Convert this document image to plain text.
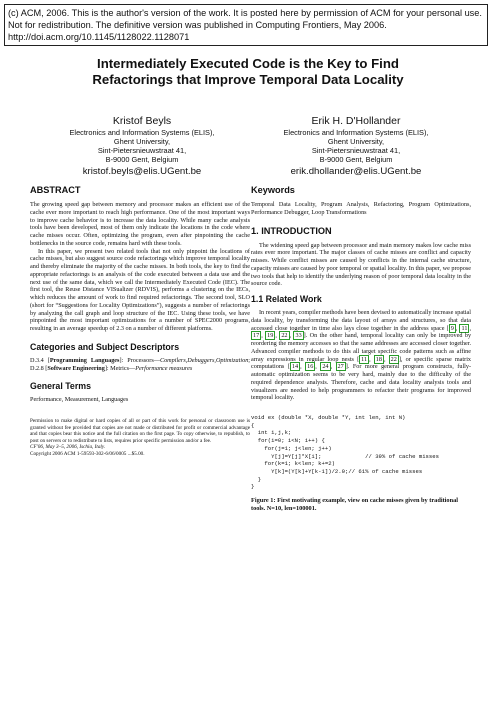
(c) ACM, 2006. This is the author's version of the work. It is posted here by permission of ACM for your personal use. Not for redistribution. The definitive version was published in Computing Frontiers, May 2006. http://doi.acm.org/10.1145/1128022.1128071
Intermediately Executed Code is the Key to Find
Refactorings that Improve Temporal Data Locality
Kristof Beyls
Electronics and Information Systems (ELIS),
Ghent University,
Sint-Pietersnieuwstraat 41,
B-9000 Gent, Belgium
kristof.beyls@elis.UGent.be
Erik H. D'Hollander
Electronics and Information Systems (ELIS),
Ghent University,
Sint-Pietersnieuwstraat 41,
B-9000 Gent, Belgium
erik.dhollander@elis.UGent.be
ABSTRACT

The growing speed gap between memory and processor makes an efficient use of the cache ever more important to reach high performance. One of the most important ways to improve cache behavior is to increase the data locality. While many cache analysis tools have been developed, most of them only indicate the locations in the code where cache misses occur. Often, optimizing the program, even after pinpointing the cache bottlenecks in the source code, remains hard with these tools.

In this paper, we present two related tools that not only pinpoint the locations of cache misses, but also suggest source code refactorings which improve temporal locality and thereby eliminate the majority of the cache misses. In both tools, the key to find the appropriate refactorings is an analysis of the code executed between a data use and the next use of the same data, which we call the Intermediately Executed Code (IEC). The first tool, the Reuse Distance VISualizer (RDVIS), performs a clustering on the IECs, which reduces the amount of work to find required refactorings. The second tool, SLO (short for “Suggestions for Locality Optimizations”), suggests a number of refactorings by analyzing the call graph and loop structure of the IEC. Using these tools, we have pinpointed the most important optimizations for a number of SPEC2000 programs, resulting in an average speedup of 2.3 on a number of different platforms.

Categories and Subject Descriptors

D.3.4 [Programming Languages]: Processors—Compilers,Debuggers,Optimization; D.2.8 [Software Engineering]: Metrics—Performance measures

General Terms

Performance, Measurement, Languages

Permission to make digital or hard copies of all or part of this work for personal or classroom use is granted without fee provided that copies are not made or distributed for profit or commercial advantage and that copies bear this notice and the full citation on the first page. To copy otherwise, to republish, to post on servers or to redistribute to lists, requires prior specific permission and/or a fee.
CF'06, May 3–5, 2006, Ischia, Italy.
Copyright 2006 ACM 1-59593-302-6/06/0005 ...$5.00.
Keywords

Temporal Data Locality, Program Analysis, Refactoring, Program Optimizations, Performance Debugger, Loop Transformations

1. INTRODUCTION

The widening speed gap between processor and main memory makes low cache miss rates ever more important. The major classes of cache misses are conflict and capacity misses. While conflict misses are caused by conflicts in the internal cache structure, capacity misses are caused by poor temporal or spatial locality. In this paper, we propose two tools that help to identify the underlying reason of poor temporal data locality in the source code.

1.1 Related Work

In recent years, compiler methods have been devised to automatically increase spatial data locality, by transforming the data layout of arrays and structures, so that data accessed close together in time also lays close together in the address space [ 9 , 11 , 17 , 19 , 22 , 33 ]. On the other hand, temporal locality can only be improved by reordering the memory accesses so that the same addresses are accessed closer together. Advanced compiler methods to do this all target specific code patterns such as affine array expressions in regular loop nests [ 11 , 18 , 22 ], or specific sparse matrix computations [ 14 , 16 , 24 , 27 ]. For more general program constructs, fully-automatic optimization seems to be very hard, mainly due to the difficulty of the required dependence analysis. Therefore, cache and data locality analysis tools and visualizers are needed to help programmers to refactor their programs for improved temporal locality.

void ex (double *X, double *Y, int len, int N)
{
int i,j,k;
for(i=0; i<N; i++) {
for(j=1; j<len; j++)
Y[j]=Y[j]*X[i];             // 39% of cache misses
for(k=1; k<len; k+=2)
Y[k]=(Y[k]+Y[k-1])/2.0;// 61% of cache misses
}
}
Figure 1: First motivating example, view on cache misses given by traditional tools. N=10, len=100001.
